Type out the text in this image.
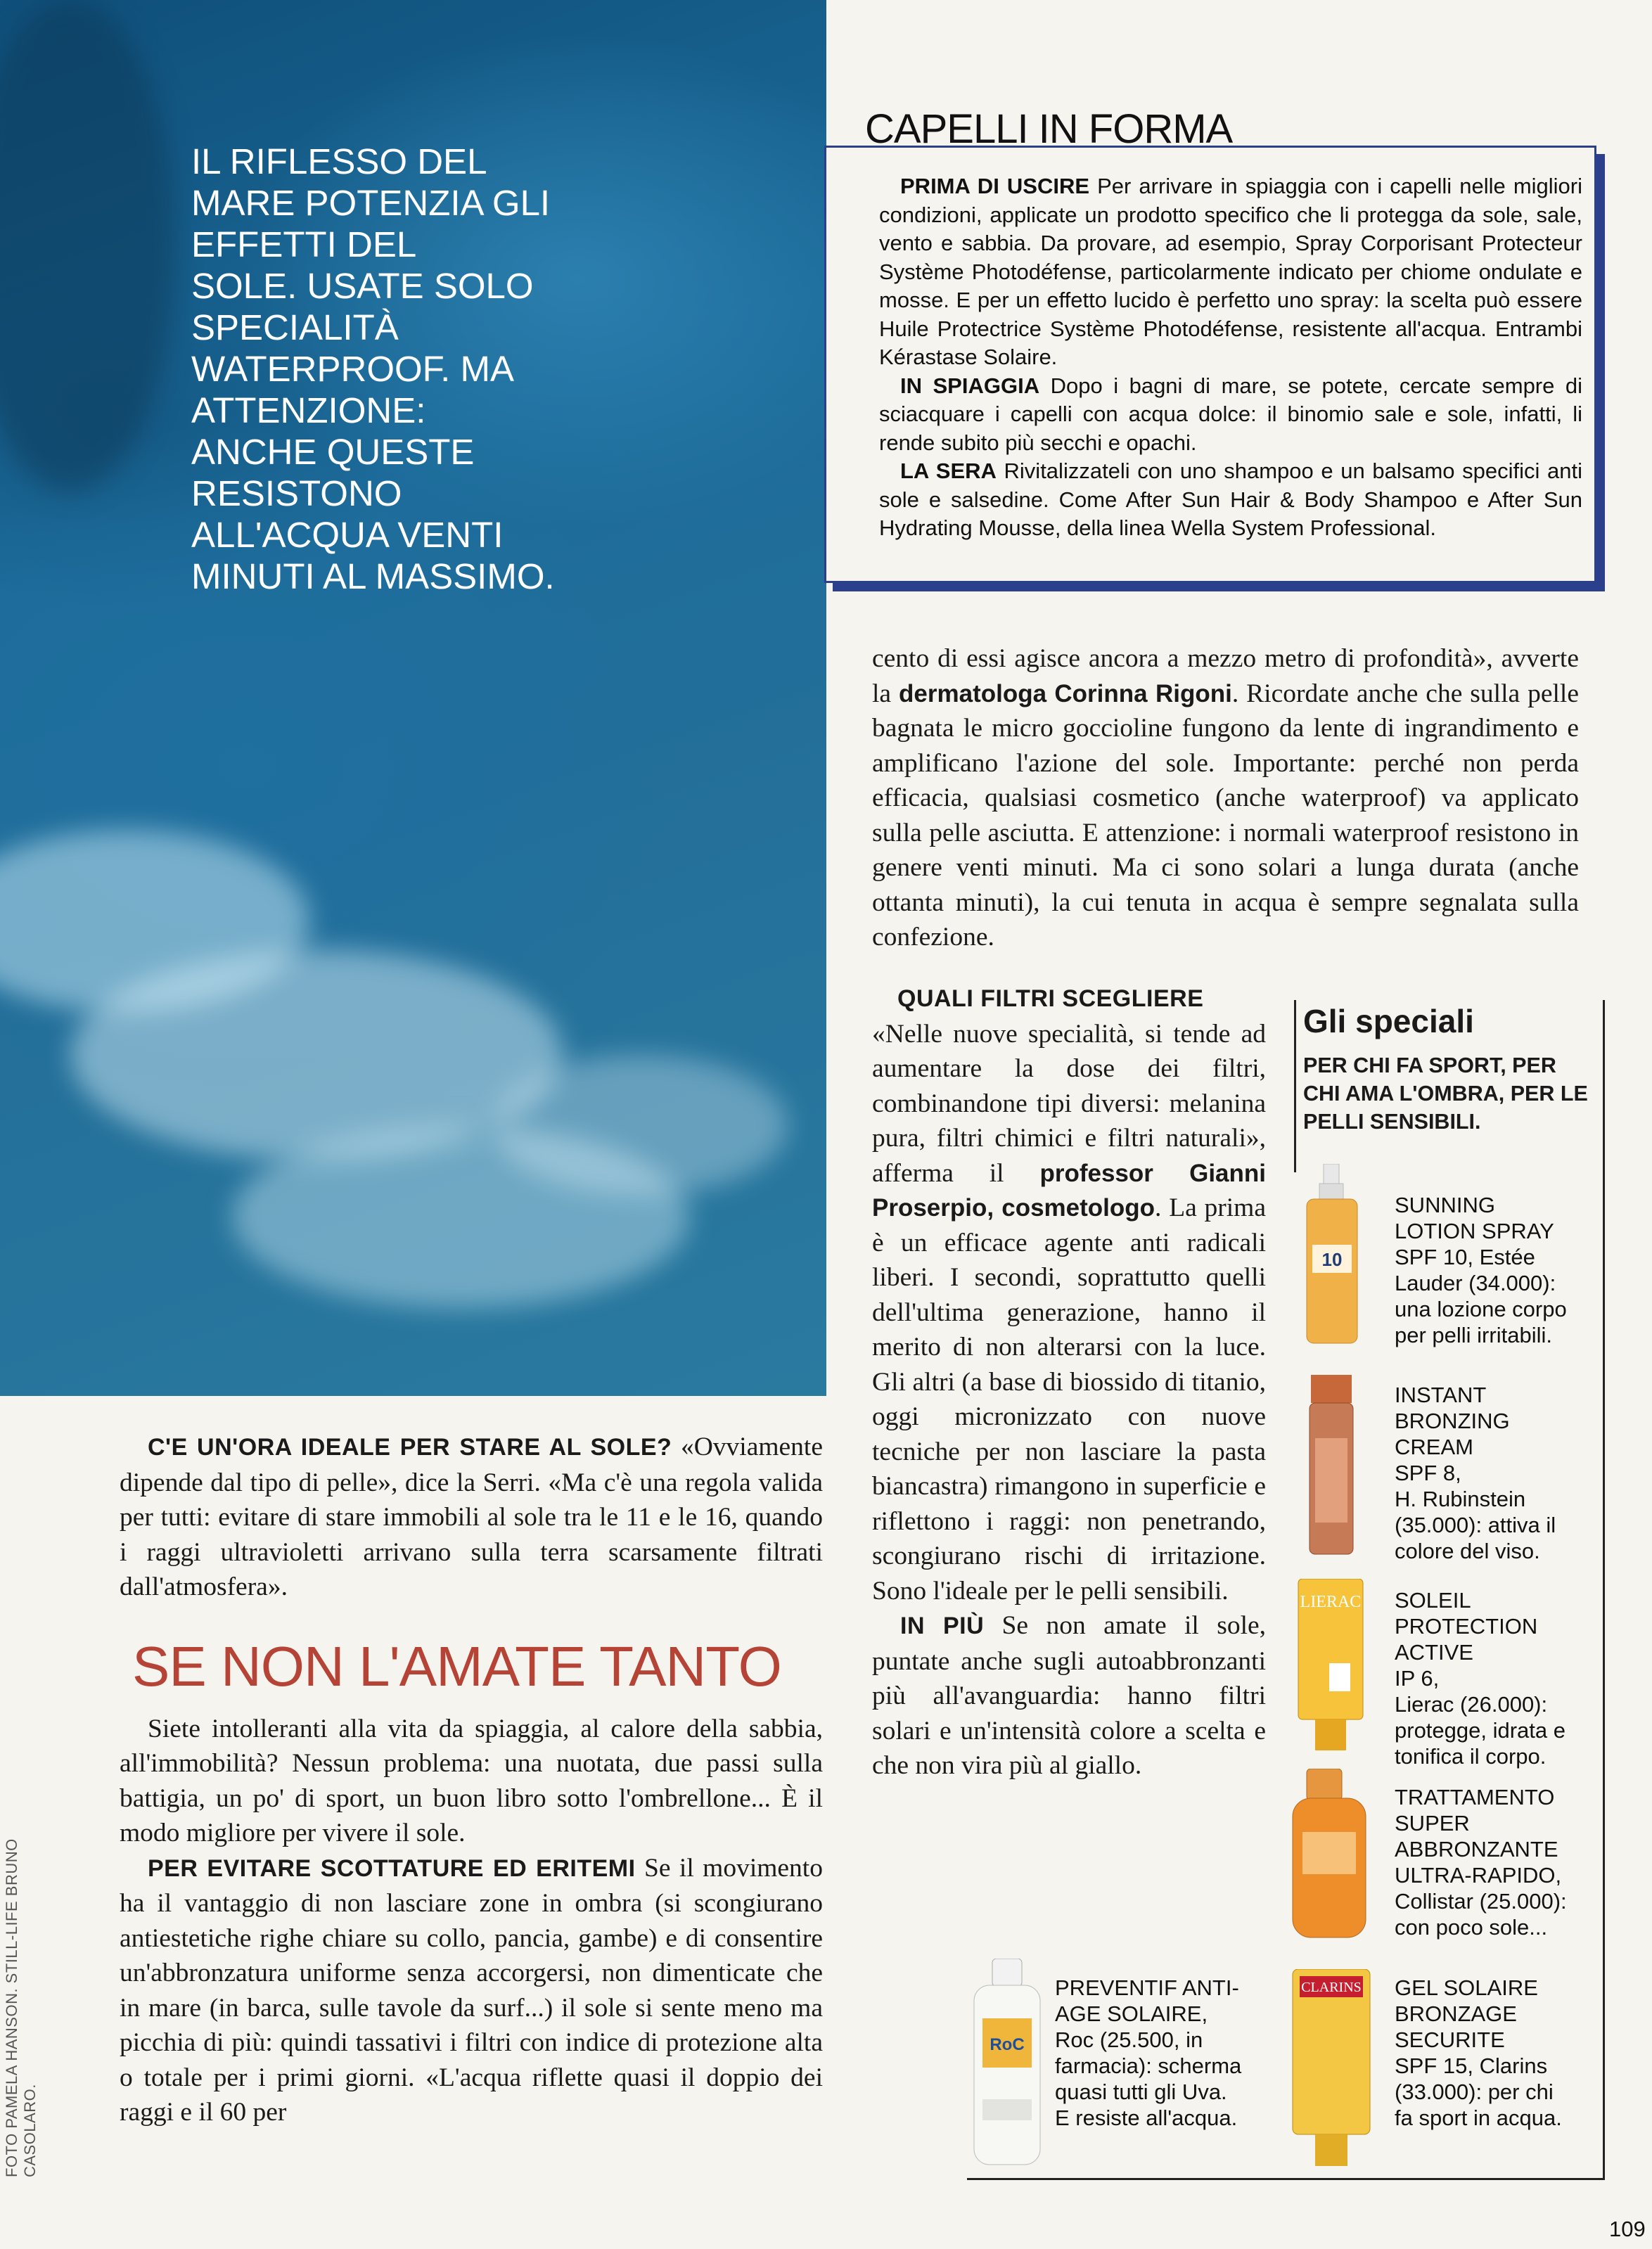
IL RIFLESSO DEL
MARE POTENZIA GLI
EFFETTI DEL
SOLE. USATE SOLO
SPECIALITÀ
WATERPROOF. MA
ATTENZIONE:
ANCHE QUESTE
RESISTONO
ALL'ACQUA VENTI
MINUTI AL MASSIMO.
FOTO PAMELA HANSON. STILL-LIFE BRUNO CASOLARO.
CAPELLI IN FORMA

PRIMA DI USCIRE Per arrivare in spiaggia con i capelli nelle migliori condizioni, applicate un prodotto specifico che li protegga da sole, sale, vento e sabbia. Da provare, ad esempio, Spray Corporisant Protecteur Système Photodéfense, particolarmente indicato per chiome ondulate e mosse. E per un effetto lucido è perfetto uno spray: la scelta può essere Huile Protectrice Système Photodéfense, resistente all'acqua. Entrambi Kérastase Solaire.

IN SPIAGGIA Dopo i bagni di mare, se potete, cercate sempre di sciacquare i capelli con acqua dolce: il binomio sale e sole, infatti, li rende subito più secchi e opachi.

LA SERA Rivitalizzateli con uno shampoo e un balsamo specifici anti sole e salsedine. Come After Sun Hair & Body Shampoo e After Sun Hydrating Mousse, della linea Wella System Professional.

cento di essi agisce ancora a mezzo metro di profondità», avverte la dermatologa Corinna Rigoni. Ricordate anche che sulla pelle bagnata le micro goccioline fungono da lente di ingrandimento e amplificano l'azione del sole. Importante: perché non perda efficacia, qualsiasi cosmetico (anche waterproof) va applicato sulla pelle asciutta. E attenzione: i normali waterproof resistono in genere venti minuti. Ma ci sono solari a lunga durata (anche ottanta minuti), la cui tenuta in acqua è sempre segnalata sulla confezione.

QUALI FILTRI SCEGLIERE

«Nelle nuove specialità, si tende ad aumentare la dose dei filtri, combinandone tipi diversi: melanina pura, filtri chimici e filtri naturali», afferma il professor Gianni Proserpio, cosmetologo. La prima è un efficace agente anti radicali liberi. I secondi, soprattutto quelli dell'ultima generazione, hanno il merito di non alterarsi con la luce. Gli altri (a base di biossido di titanio, oggi micronizzato con nuove tecniche per non lasciare la pasta biancastra) rimangono in superficie e riflettono i raggi: non penetrando, scongiurano rischi di irritazione. Sono l'ideale per le pelli sensibili.

IN PIÙ Se non amate il sole, puntate anche sugli autoabbronzanti più all'avanguardia: hanno filtri solari e un'intensità colore a scelta e che non vira più al giallo.

C'E UN'ORA IDEALE PER STARE AL SOLE? «Ovviamente dipende dal tipo di pelle», dice la Serri. «Ma c'è una regola valida per tutti: evitare di stare immobili al sole tra le 11 e le 16, quando i raggi ultravioletti arrivano sulla terra scarsamente filtrati dall'atmosfera».

SE NON L'AMATE TANTO

Siete intolleranti alla vita da spiaggia, al calore della sabbia, all'immobilità? Nessun problema: una nuotata, due passi sulla battigia, un po' di sport, un buon libro sotto l'ombrellone... È il modo migliore per vivere il sole.

PER EVITARE SCOTTATURE ED ERITEMI Se il movimento ha il vantaggio di non lasciare zone in ombra (si scongiurano antiestetiche righe chiare su collo, pancia, gambe) e di consentire un'abbronzatura uniforme senza accorgersi, non dimenticate che in mare (in barca, sulle tavole da surf...) il sole si sente meno ma picchia di più: quindi tassativi i filtri con indice di protezione alta o totale per i primi giorni. «L'acqua riflette quasi il doppio dei raggi e il 60 per

Gli speciali
PER CHI FA SPORT, PER CHI AMA L'OMBRA, PER LE PELLI SENSIBILI.
10
LIERAC
RoC
CLARINS
SUNNING
LOTION SPRAY
SPF 10, Estée
Lauder (34.000):
una lozione corpo
per pelli irritabili.
INSTANT
BRONZING
CREAM
SPF 8,
H. Rubinstein
(35.000): attiva il
colore del viso.
SOLEIL
PROTECTION
ACTIVE
IP 6,
Lierac (26.000):
protegge, idrata e
tonifica il corpo.
TRATTAMENTO
SUPER
ABBRONZANTE
ULTRA-RAPIDO,
Collistar (25.000):
con poco sole...
PREVENTIF ANTI-
AGE SOLAIRE,
Roc (25.500, in
farmacia): scherma
quasi tutti gli Uva.
E resiste all'acqua.
GEL SOLAIRE
BRONZAGE
SECURITE
SPF 15, Clarins
(33.000): per chi
fa sport in acqua.
109
